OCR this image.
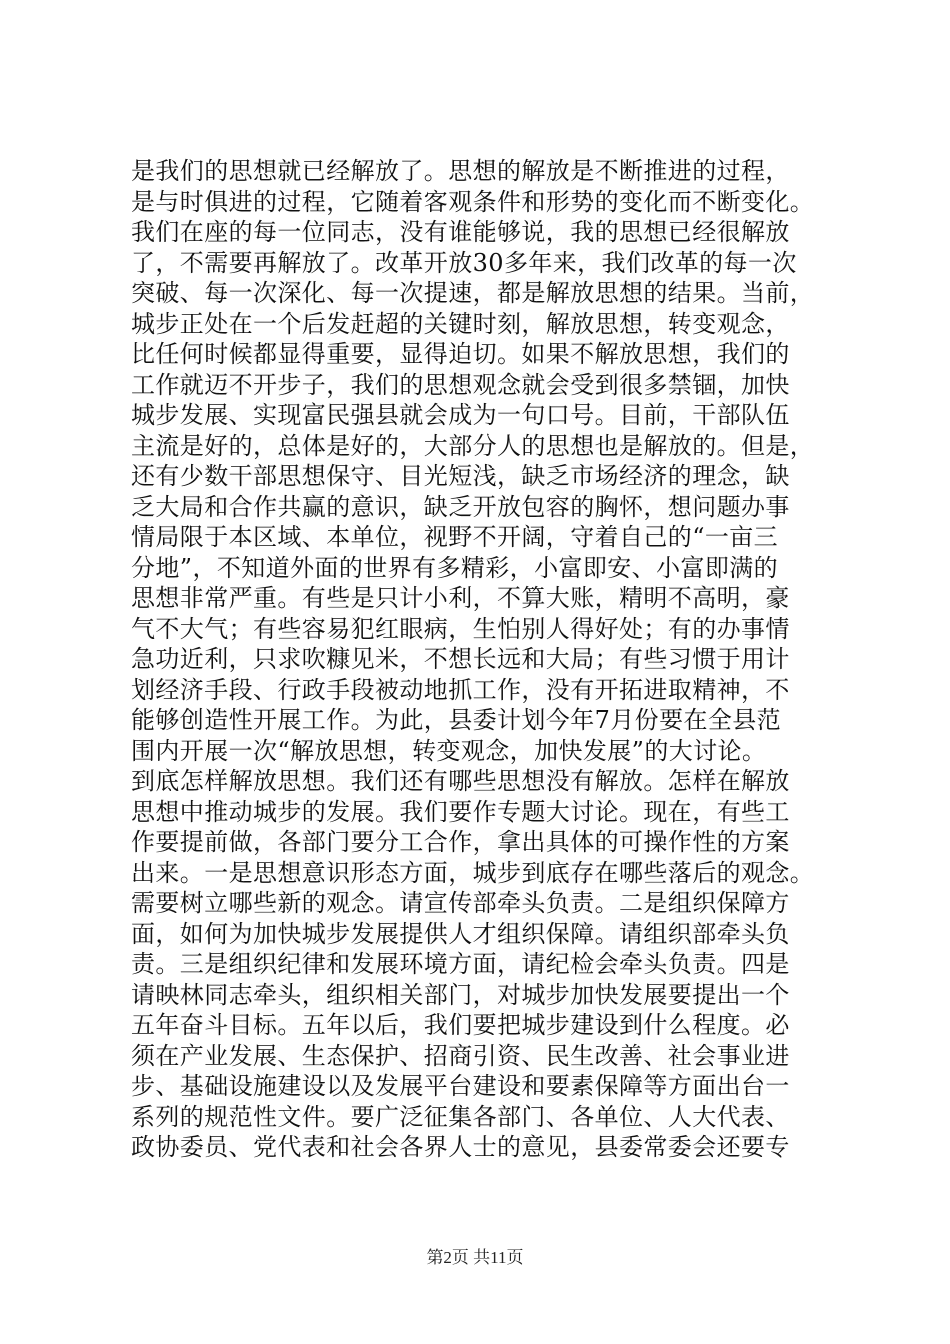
是我们的思想就已经解放了。思想的解放是不断推进的过程，
是与时俱进的过程，它随着客观条件和形势的变化而不断变化。
我们在座的每一位同志，没有谁能够说，我的思想已经很解放
了，不需要再解放了。改革开放30多年来，我们改革的每一次
突破、每一次深化、每一次提速，都是解放思想的结果。当前，
城步正处在一个后发赶超的关键时刻，解放思想，转变观念，
比任何时候都显得重要，显得迫切。如果不解放思想，我们的
工作就迈不开步子，我们的思想观念就会受到很多禁锢，加快
城步发展、实现富民强县就会成为一句口号。目前，干部队伍
主流是好的，总体是好的，大部分人的思想也是解放的。但是，
还有少数干部思想保守、目光短浅，缺乏市场经济的理念，缺
乏大局和合作共赢的意识，缺乏开放包容的胸怀，想问题办事
情局限于本区域、本单位，视野不开阔，守着自己的“一亩三
分地”，不知道外面的世界有多精彩，小富即安、小富即满的
思想非常严重。有些是只计小利，不算大账，精明不高明，豪
气不大气；有些容易犯红眼病，生怕别人得好处；有的办事情
急功近利，只求吹糠见米，不想长远和大局；有些习惯于用计
划经济手段、行政手段被动地抓工作，没有开拓进取精神，不
能够创造性开展工作。为此，县委计划今年7月份要在全县范
围内开展一次“解放思想，转变观念，加快发展”的大讨论。
到底怎样解放思想。我们还有哪些思想没有解放。怎样在解放
思想中推动城步的发展。我们要作专题大讨论。现在，有些工
作要提前做，各部门要分工合作，拿出具体的可操作性的方案
出来。一是思想意识形态方面，城步到底存在哪些落后的观念。
需要树立哪些新的观念。请宣传部牵头负责。二是组织保障方
面，如何为加快城步发展提供人才组织保障。请组织部牵头负
责。三是组织纪律和发展环境方面，请纪检会牵头负责。四是
请映林同志牵头，组织相关部门，对城步加快发展要提出一个
五年奋斗目标。五年以后，我们要把城步建设到什么程度。必
须在产业发展、生态保护、招商引资、民生改善、社会事业进
步、基础设施建设以及发展平台建设和要素保障等方面出台一
系列的规范性文件。要广泛征集各部门、各单位、人大代表、
政协委员、党代表和社会各界人士的意见，县委常委会还要专
第2页 共11页
